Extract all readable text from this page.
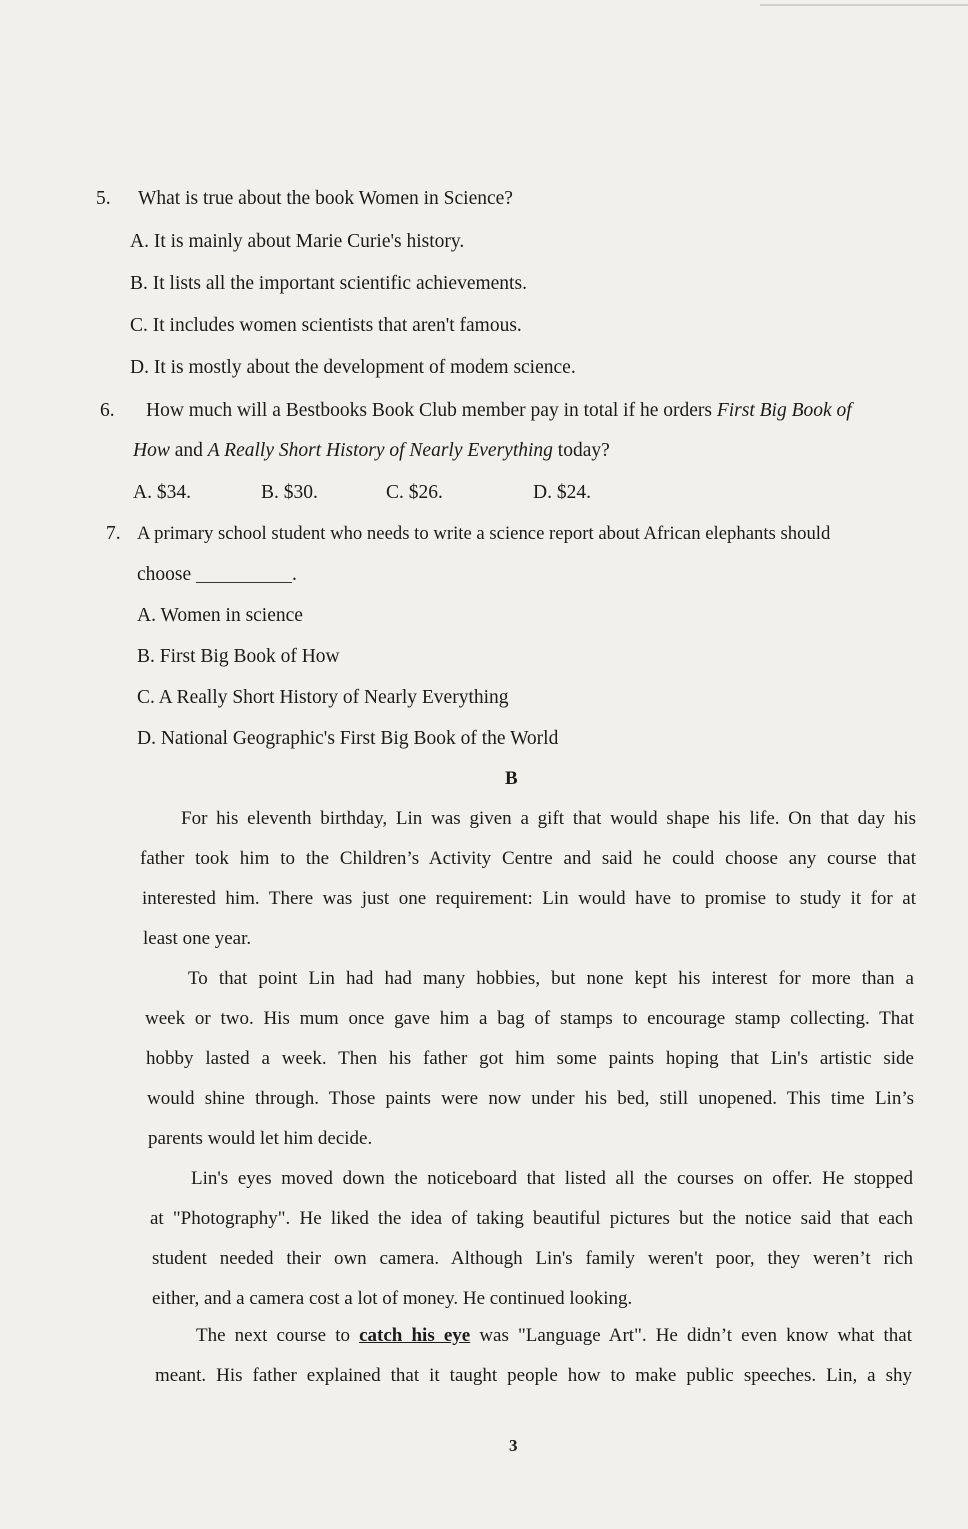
5. What is true about the book Women in Science?
A. It is mainly about Marie Curie's history.
B. It lists all the important scientific achievements.
C. It includes women scientists that aren't famous.
D. It is mostly about the development of modem science.
6. How much will a Bestbooks Book Club member pay in total if he orders First Big Book of
How and A Really Short History of Nearly Everything today?
A. $34.	B. $30.	C. $26.	D. $24.
7. A primary school student who needs to write a science report about African elephants should
choose	.
A. Women in science
B. First Big Book of How
C. A Really Short History of Nearly Everything
D. National Geographic's First Big Book of the World
B
For his eleventh birthday, Lin was given a gift that would shape his life. On that day his
father took him to the Children’s Activity Centre and said he could choose any course that
interested him. There was just one requirement: Lin would have to promise to study it for at
least one year.
To that point Lin had had many hobbies, but none kept his interest for more than a
week or two. His mum once gave him a bag of stamps to encourage stamp collecting. That
hobby lasted a week. Then his father got him some paints hoping that Lin's artistic side
would shine through. Those paints were now under his bed, still unopened. This time Lin’s
parents would let him decide.
Lin's eyes moved down the noticeboard that listed all the courses on offer. He stopped
at "Photography". He liked the idea of taking beautiful pictures but the notice said that each
student needed their own camera. Although Lin's family weren't poor, they weren’t rich
either, and a camera cost a lot of money. He continued looking.
The next course to catch his eye was "Language Art". He didn’t even know what that
meant. His father explained that it taught people how to make public speeches. Lin, a shy
3
